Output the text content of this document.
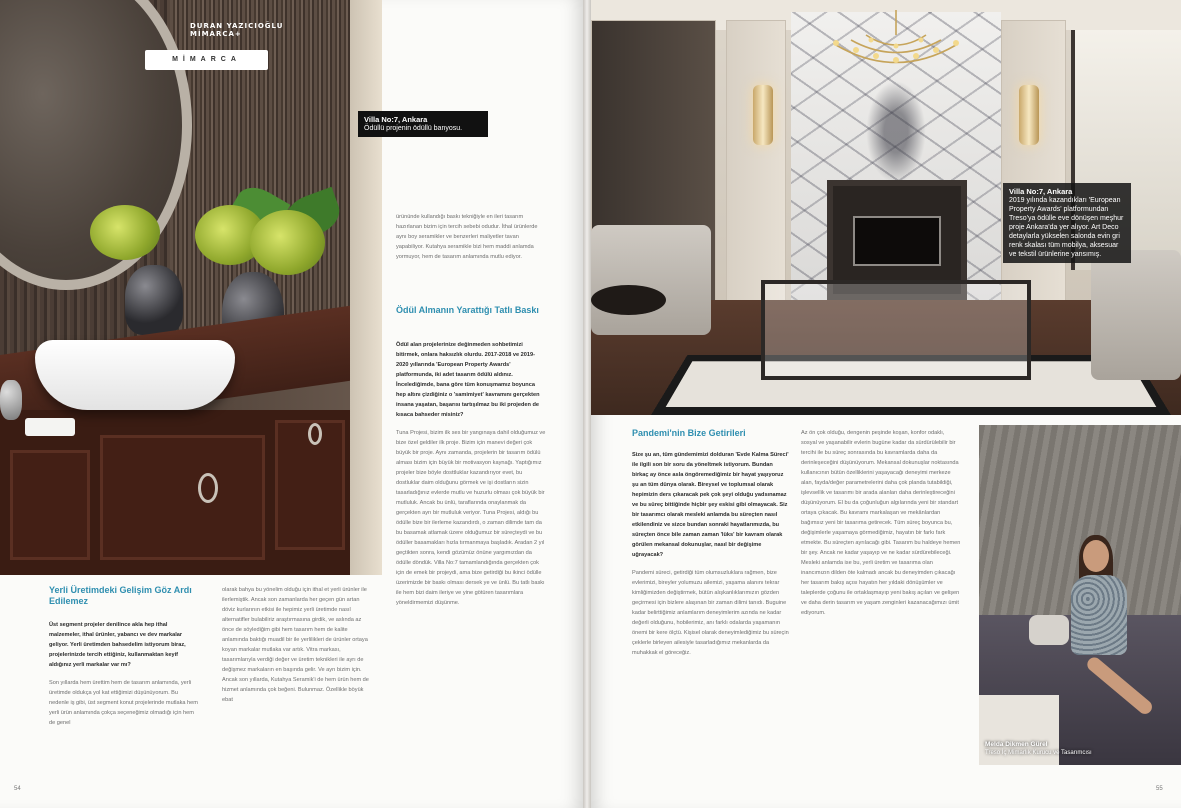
DURAN YAZICIOĞLU
MİMARCA+
MİMARCA
Villa No:7, Ankara
Ödüllü projenin ödüllü banyosu.

ürününde kullandığı baskı tekniğiyle en ileri tasarım hazırlanan bizim için tercih sebebi odudur. İthal ürünlerde aynı boy seramikler ve benzerleri maliyetler tavan yapabiliyor. Kutahya seramikle bizi hem maddi anlamda yormuyor, hem de tasarım anlamında mutlu ediyor.

Ödül Almanın Yarattığı Tatlı Baskı

Ödül alan projelerinize değinmeden sohbetimizi bitirmek, onlara haksızlık olurdu. 2017-2018 ve 2019-2020 yıllarında 'European Property Awards' platformunda, iki adet tasarım ödülü aldınız. İncelediğimde, bana göre tüm konuşmamız boyunca hep altını çizdiğiniz o 'samimiyet' kavramını gerçekten insana yaşatan, başarısı tartışılmaz bu iki projeden de kısaca bahseder misiniz?

Tuna Projesi, bizim ilk ses bir yangınaya dahil olduğumuz ve bize özel geldiler ilk proje. Bizim için manevi değeri çok büyük bir proje. Aynı zamanda, projelerin bir tasarım ödülü alması bizim için büyük bir motivasyon kaynağı. Yaptığımız projeler bize böyle dosttluklar kazandırıyor evet, bu dostluklar daim olduğunu görmek ve işi dostların sizin tasarladığınız evlerde mutlu ve huzurlu olması çok büyük bir mutluluk. Ancak bu ünlü, taraflarında onaylanmak da gerçekten ayrı bir mutluluk veriyor. Tuna Projesi, aldığı bu ödülle bize bir ilerleme kazandırdı, o zaman dilimde tam da bu basamak atlamak üzere olduğumuz bir süreçteydi ve bu ödüller basamakları hızla tırmanmaya başladık. Aradan 2 yıl geçtikten sonra, kendi gözümüz önüne yargımızdan da ödülle döndük. Villa No:7 tamamlandığında gerçekten çok için de emek bir projeydi, ama bize getirdiği bu ikinci ödülle üzerimizde bir baskı olması dersek ye ve ünlü. Bu tatlı baskı ile hem bizi daim ileriye ve yine götüren tasarımlara yöneldirmemizi düşünme.

Yerli Üretimdeki Gelişim Göz Ardı Edilemez

Üst segment projeler denilince akla hep ithal malzemeler, ithal ürünler, yabancı ve dev markalar geliyor. Yerli üretimden bahsedelim istiyorum biraz, projelerinizde tercih ettiğiniz, kullanmaktan keyif aldığınız yerli markalar var mı?

Son yıllarda hem ürettim hem de tasarım anlamında, yerli üretimde oldukça yol kat ettiğimizi düşünüyorum. Bu nedenle iş gibi, üst segment konut projelerinde mutlaka hem yerli ürün anlamında çokça seçeneğimiz olmadığı için hem de genel

olarak bahya bu yönelim olduğu için ithal et yerli ürünler ile ilerlemiştik. Ancak son zamanlarda her geçen gün artan döviz kurlarının etkisi ile hepimiz yerli üretimde nasıl alternatifler bulabiliriz araştırmasına girdik, ve aslında az önce de söylediğim gibi hem tasarım hem de kalite anlamında baktığı muadil bir ile yerlilikleri de ürünler ortaya koyan markalar mutlaka var artık. Vitra markası, tasarımlarıyla verdiği değer ve üretim teknikleri ile ayrı de değişmez markaların en başında gelir. Ve ayrı bizim için. Ancak son yıllarda, Kutahya Seramik'i de hem ürün hem de hizmet anlamında çok beğeni. Bulunmaz. Özellikle böyük ebat

54
Villa No:7, Ankara
2019 yılında kazandıkları 'European Property Awards' platformundan Treso'ya ödülle eve dönüşen meşhur proje Ankara'da yer alıyor. Art Deco detaylarla yükselen salonda evin gri renk skalası tüm mobilya, aksesuar ve tekstil ürünlerine yansımış.
Pandemi'nin Bize Getirileri

Size şu an, tüm gündemimizi dolduran 'Evde Kalma Süreci' ile ilgili son bir soru da yöneltmek istiyorum. Bundan birkaç ay önce asla öngöremediğimiz bir hayat yaşıyoruz şu an tüm dünya olarak. Bireysel ve toplumsal olarak hepimizin ders çıkaracak pek çok şeyi olduğu yadsınamaz ve bu süreç bittiğinde hiçbir şey eskisi gibi olmayacak. Siz bir tasarımcı olarak mesleki anlamda bu süreçten nasıl etkilendiniz ve sizce bundan sonraki hayatlarımızda, bu süreçten önce bile zaman zaman 'lüks' bir kavram olarak görülen mekansal dokunuşlar, nasıl bir değişime uğrayacak?

Pandemi süreci, getirdiği tüm olumsuzluklara rağmen, bize evlerimizi, bireyler yolumuzu ailemizi, yaşama alanını tekrar kimliğimizden değiştirmek, bütün alışkanlıklarımızın gözden geçirmesi için bizlere alaşınan bir zaman dilimi tanıdı. Buguine kadar belirttiğimiz anlamlarım deneyimlerim azında ne kadar değerli olduğunu, hobilerimiz, anı farklı odalarda yaşamanın önemi bir kere ölçtü. Kişisel olarak deneyimlediğimiz bu süreçin çeklerle birleyen ailesiyle tasarladığımız mekanlarda da muhakkak el göreceğiz.

Az ön çok olduğu, dengenin peşinde koşan, konfor odaklı, sosyal ve yaşanabilir evlerin bugüne kadar da sürdürülebilir bir tercihi ile bu süreç sonrasında bu kavramlarda daha da derinleşeceğini düşünüyorum. Mekansal dokunuşlar noktasında kullanıcının bütün özelliklerini yaşayacağı deneyimi merkeze alan, fayda/değer parametrelerini daha çok planda tutabildiği, işlevsellik ve tasarımı bir arada alanları daha derinleştireceğini düşünüyorum. El bu da çoğunluğun algılarında yeni bir standart ortaya çıkacak. Bu kavramı markalaşan ve mekânlardan bağımsız yeni bir tasarıma getirecek. Tüm süreç boyunca bu, değişimlerle yaşamaya görmediğimiz, hayatın bir farkı fark etmekte. Bu süreçten ayrılacağı gibi. Tasarım bu haldeye hemen bir şey. Ancak ne kadar yaşayıp ve ne kadar sürdürebileceği. Mesleki anlamda ise bu, yerli üretim ve tasarıma olan inancımızın dilden öte kalmadı ancak bu deneyimden çıkacağı her tasarım bakış açısı hayatın her yıldaki dönüşümler ve taleplerde çoğunu ile ortaklaşmayıp yeni bakış açıları ve gelişen ve daha derin tasarım ve yaşam zenginleri kazanacağımızı ümit ediyorum.

Melda Dikmen Gürel
Treso İç Mimarlık Kurucu ve Tasarımcısı
55
